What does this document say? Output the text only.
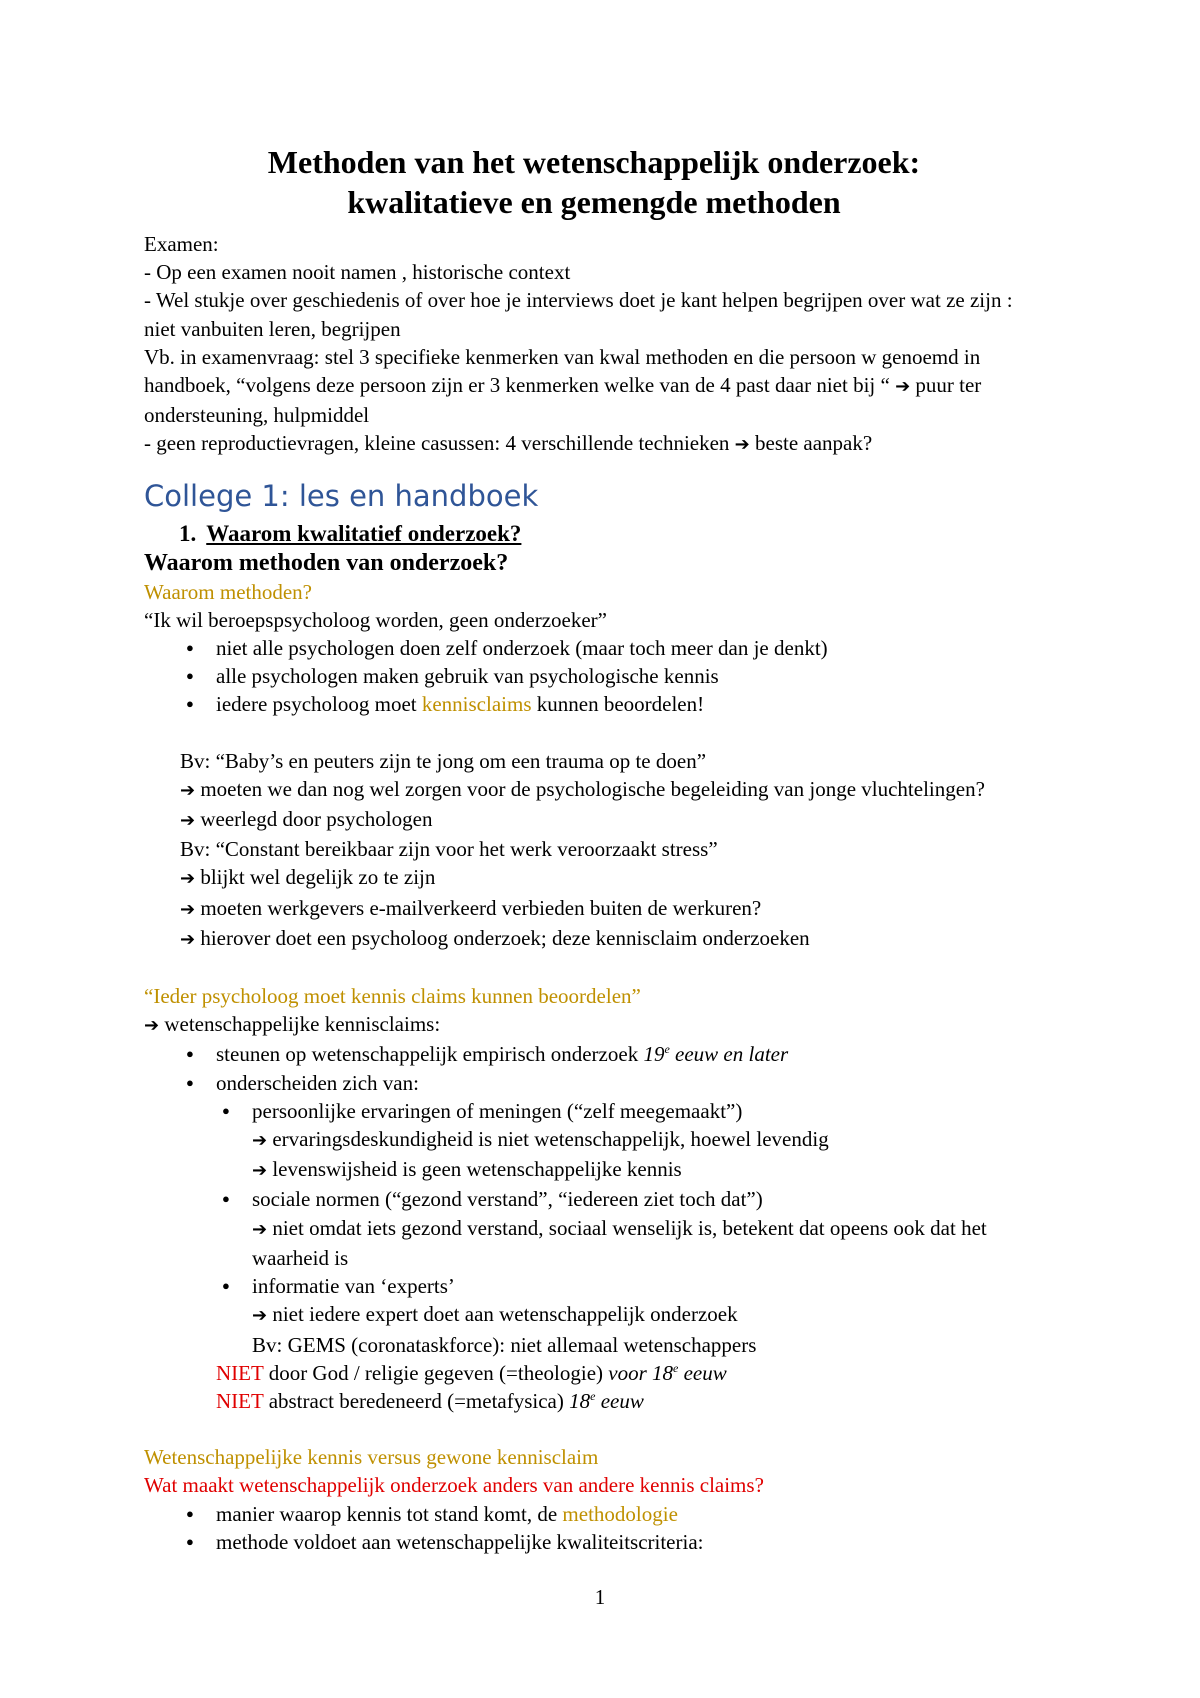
Methoden van het wetenschappelijk onderzoek:
kwalitatieve en gemengde methoden

Examen:

- Op een examen nooit namen , historische context

- Wel stukje over geschiedenis of over hoe je interviews doet je kant helpen begrijpen over wat ze zijn : niet vanbuiten leren, begrijpen

Vb. in examenvraag: stel 3 specifieke kenmerken van kwal methoden en die persoon w genoemd in handboek, “volgens deze persoon zijn er 3 kenmerken welke van de 4 past daar niet bij “ ➔ puur ter ondersteuning, hulpmiddel

- geen reproductievragen, kleine casussen: 4 verschillende technieken ➔ beste aanpak?

College 1: les en handboek
1. Waarom kwalitatief onderzoek?
Waarom methoden van onderzoek?

Waarom methoden?

“Ik wil beroepspsycholoog worden, geen onderzoeker”

● niet alle psychologen doen zelf onderzoek (maar toch meer dan je denkt)
● alle psychologen maken gebruik van psychologische kennis
● iedere psycholoog moet kennisclaims kunnen beoordelen!

Bv: “Baby’s en peuters zijn te jong om een trauma op te doen”

➔ moeten we dan nog wel zorgen voor de psychologische begeleiding van jonge vluchtelingen?

➔ weerlegd door psychologen

Bv: “Constant bereikbaar zijn voor het werk veroorzaakt stress”

➔ blijkt wel degelijk zo te zijn

➔ moeten werkgevers e-mailverkeerd verbieden buiten de werkuren?

➔ hierover doet een psycholoog onderzoek; deze kennisclaim onderzoeken

“Ieder psycholoog moet kennis claims kunnen beoordelen”

➔ wetenschappelijke kennisclaims:

● steunen op wetenschappelijk empirisch onderzoek 19e eeuw en later
● onderscheiden zich van:
● persoonlijke ervaringen of meningen (“zelf meegemaakt”)
➔ ervaringsdeskundigheid is niet wetenschappelijk, hoewel levendig
➔ levenswijsheid is geen wetenschappelijke kennis
● sociale normen (“gezond verstand”, “iedereen ziet toch dat”)
➔ niet omdat iets gezond verstand, sociaal wenselijk is, betekent dat opeens ook dat het waarheid is
● informatie van ‘experts’
➔ niet iedere expert doet aan wetenschappelijk onderzoek
Bv: GEMS (coronataskforce): niet allemaal wetenschappers

NIET door God / religie gegeven (=theologie) voor 18e eeuw

NIET abstract beredeneerd (=metafysica) 18e eeuw

Wetenschappelijke kennis versus gewone kennisclaim

Wat maakt wetenschappelijk onderzoek anders van andere kennis claims?

● manier waarop kennis tot stand komt, de methodologie
● methode voldoet aan wetenschappelijke kwaliteitscriteria:
1
